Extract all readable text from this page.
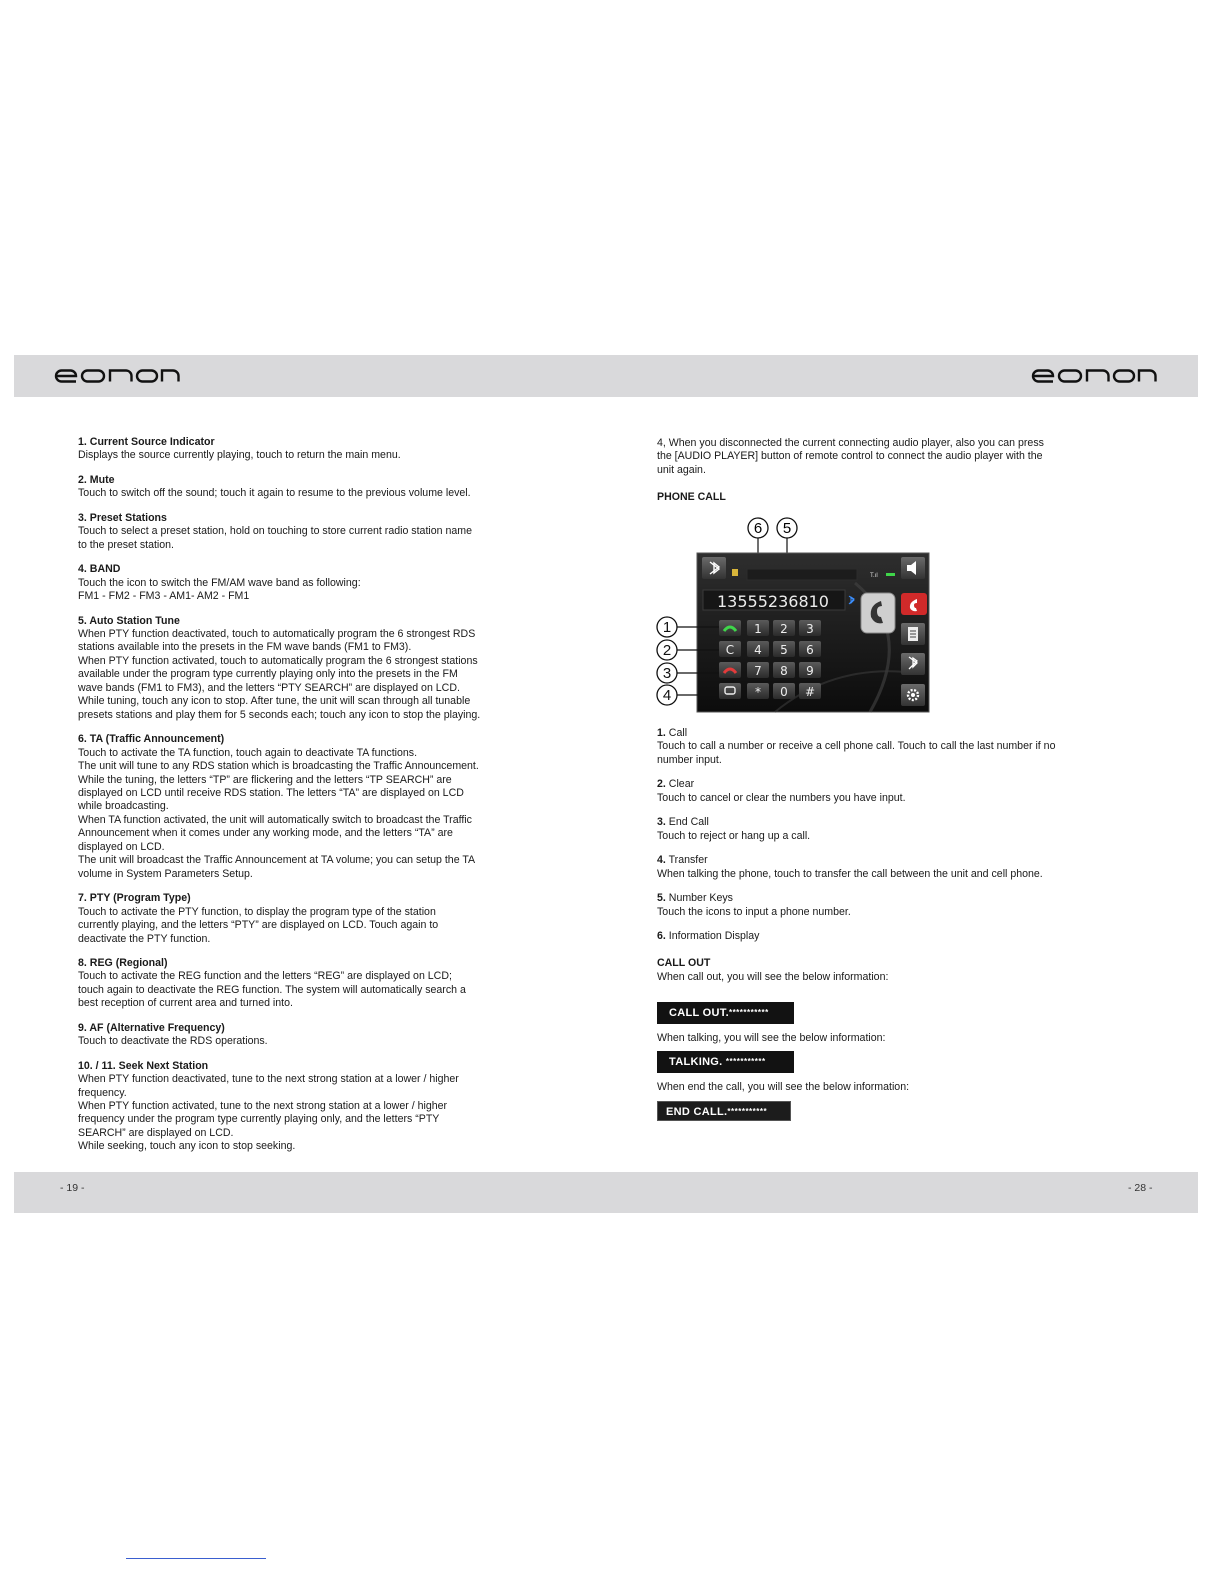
- 19 -	- 28 -
1. Current Source Indicator
Displays the source currently playing, touch to return the main menu.
2. Mute
Touch to switch off the sound; touch it again to resume to the previous volume level.
3. Preset Stations
Touch to select a preset station, hold on touching to store current radio station name
to the preset station.
4. BAND
Touch the icon to switch the FM/AM wave band as following:
FM1 - FM2 - FM3 - AM1- AM2 - FM1
5. Auto Station Tune
When PTY function deactivated, touch to automatically program the 6 strongest RDS
stations available into the presets in the FM wave bands (FM1 to FM3).
When PTY function activated, touch to automatically program the 6 strongest stations
available under the program type currently playing only into the presets in the FM
wave bands (FM1 to FM3), and the letters “PTY SEARCH” are displayed on LCD.
While tuning, touch any icon to stop. After tune, the unit will scan through all tunable
presets stations and play them for 5 seconds each; touch any icon to stop the playing.
6. TA (Traffic Announcement)
Touch to activate the TA function, touch again to deactivate TA functions.
The unit will tune to any RDS station which is broadcasting the Traffic Announcement.
While the tuning, the letters “TP” are flickering and the letters “TP SEARCH” are
displayed on LCD until receive RDS station. The letters “TA” are displayed on LCD
while broadcasting.
When TA function activated, the unit will automatically switch to broadcast the Traffic
Announcement when it comes under any working mode, and the letters “TA” are
displayed on LCD.
The unit will broadcast the Traffic Announcement at TA volume; you can setup the TA
volume in System Parameters Setup.
7. PTY (Program Type)
Touch to activate the PTY function, to display the program type of the station
currently playing, and the letters “PTY” are displayed on LCD. Touch again to
deactivate the PTY function.
8. REG (Regional)
Touch to activate the REG function and the letters “REG” are displayed on LCD;
touch again to deactivate the REG function. The system will automatically search a
best reception of current area and turned into.
9. AF (Alternative Frequency)
Touch to deactivate the RDS operations.
10. / 11. Seek Next Station
When PTY function deactivated, tune to the next strong station at a lower / higher
frequency.
When PTY function activated, tune to the next strong station at a lower / higher
frequency under the program type currently playing only, and the letters “PTY
SEARCH” are displayed on LCD.
While seeking, touch any icon to stop seeking.
4, When you disconnected the current connecting audio player, also you can press
the [AUDIO PLAYER] button of remote control to connect the audio player with the
unit again.
PHONE CALL
6 5
T.ıl
13555236810
C
1 2 3
4 5 6
7 8 9
* 0 #
1
2
3
4
1. Call
Touch to call a number or receive a cell phone call. Touch to call the last number if no
number input.
2. Clear
Touch to cancel or clear the numbers you have input.
3. End Call
Touch to reject or hang up a call.
4. Transfer
When talking the phone, touch to transfer the call between the unit and cell phone.
5. Number Keys
Touch the icons to input a phone number.
6. Information Display
CALL OUT
When call out, you will see the below information:
CALL OUT.***********
When talking, you will see the below information:
TALKING. ***********
When end the call, you will see the below information:
END CALL.***********
